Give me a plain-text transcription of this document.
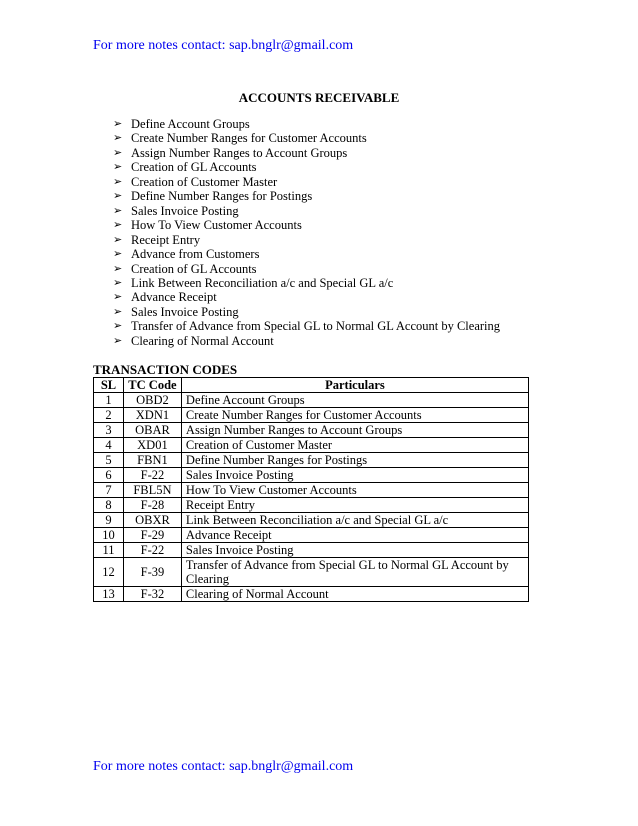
For more notes contact: sap.bnglr@gmail.com
ACCOUNTS RECEIVABLE
➢ Define Account Groups
➢ Create Number Ranges for Customer Accounts
➢ Assign Number Ranges to Account Groups
➢ Creation of GL Accounts
➢ Creation of Customer Master
➢ Define Number Ranges for Postings
➢ Sales Invoice Posting
➢ How To View Customer Accounts
➢ Receipt Entry
➢ Advance from Customers
➢ Creation of GL Accounts
➢ Link Between Reconciliation a/c and Special GL a/c
➢ Advance Receipt
➢ Sales Invoice Posting
➢ Transfer of Advance from Special GL to Normal GL Account by Clearing
➢ Clearing of Normal Account
TRANSACTION CODES
SL	TC Code	Particulars
1	OBD2	Define Account Groups
2	XDN1	Create Number Ranges for Customer Accounts
3	OBAR	Assign Number Ranges to Account Groups
4	XD01	Creation of Customer Master
5	FBN1	Define Number Ranges for Postings
6	F-22	Sales Invoice Posting
7	FBL5N	How To View Customer Accounts
8	F-28	Receipt Entry
9	OBXR	Link Between Reconciliation a/c and Special GL a/c
10	F-29	Advance Receipt
11	F-22	Sales Invoice Posting
12	F-39	Transfer of Advance from Special GL to Normal GL Account by Clearing
13	F-32	Clearing of Normal Account
For more notes contact: sap.bnglr@gmail.com
